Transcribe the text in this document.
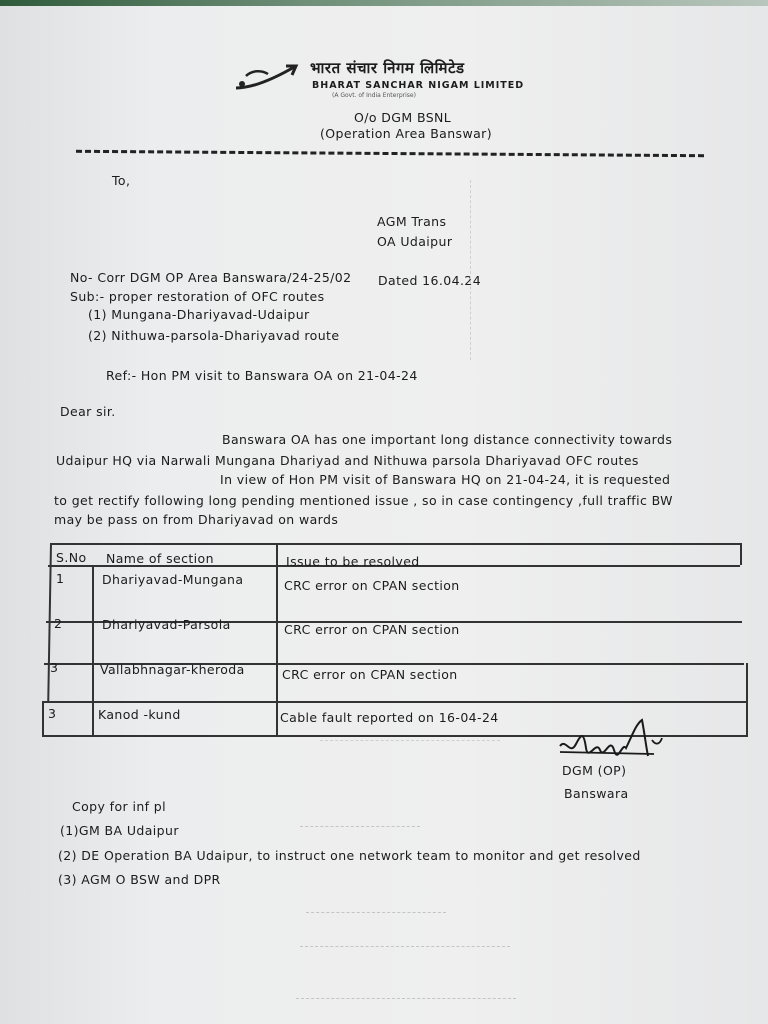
भारत संचार निगम लिमिटेड
BHARAT SANCHAR NIGAM LIMITED
(A Govt. of India Enterprise)
O/o DGM BSNL
(Operation Area Banswar)
To,
AGM Trans
OA Udaipur
No- Corr DGM OP Area Banswara/24-25/02 Dated 16.04.24
Sub:- proper restoration of OFC routes
(1) Mungana-Dhariyavad-Udaipur
(2) Nithuwa-parsola-Dhariyavad route
Ref:- Hon PM visit to Banswara OA on 21-04-24
Dear sir.
Banswara OA has one important long distance connectivity towards
Udaipur HQ via Narwali Mungana Dhariyad and Nithuwa parsola Dhariyavad OFC routes
In view of Hon PM visit of Banswara HQ on 21-04-24, it is requested
to get rectify following long pending mentioned issue , so in case contingency ,full traffic BW
may be pass on from Dhariyavad on wards
S.No Name of section	Issue to be resolved
1	Dhariyavad-Mungana	CRC error on CPAN section
2	Dhariyavad-Parsola	CRC error on CPAN section
3	Vallabhnagar-kheroda	CRC error on CPAN section
3	Kanod -kund	Cable fault reported on 16-04-24
DGM (OP)
Banswara
Copy for inf pl
(1)GM BA Udaipur
(2) DE Operation BA Udaipur, to instruct one network team to monitor and get resolved
(3) AGM O BSW and DPR
